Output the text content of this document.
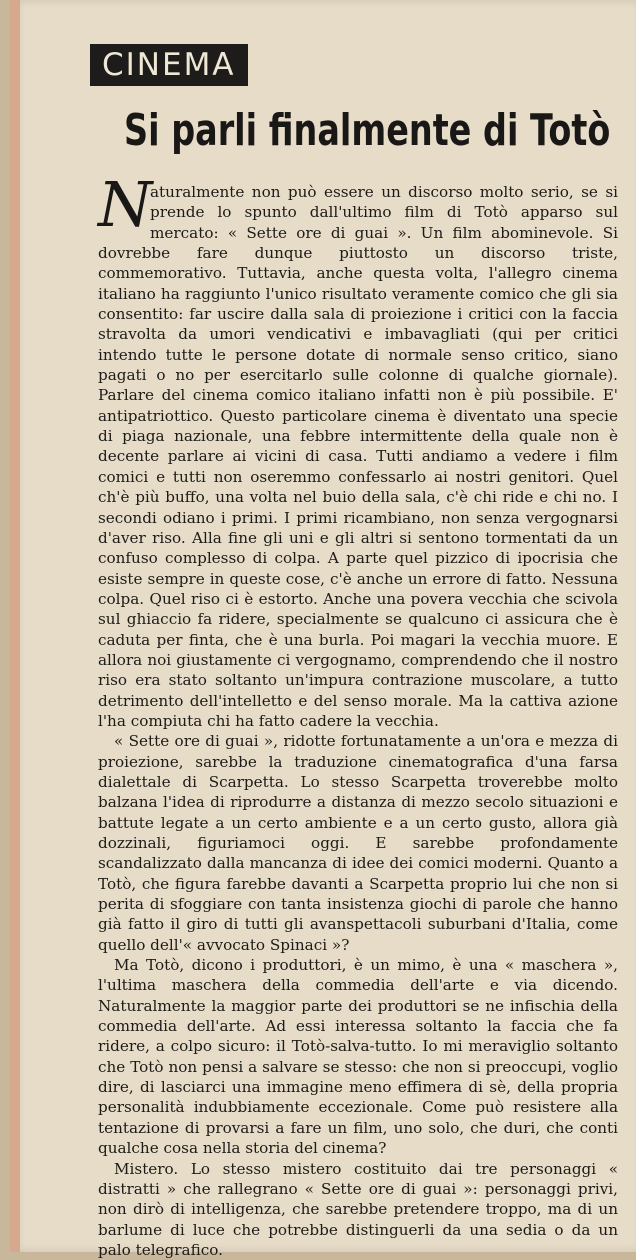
CINEMA
Si parli finalmente di Totò

N
aturalmente non può essere un discorso molto serio, se si prende lo spunto dall'ultimo film di Totò apparso sul mercato: « Sette ore di guai ». Un film abominevole. Si dovrebbe fare dunque piuttosto un discorso triste, commemorativo. Tuttavia, anche questa volta, l'allegro cinema italiano ha raggiunto l'unico risultato veramente comico che gli sia consentito: far uscire dalla sala di proiezione i critici con la faccia stravolta da umori vendicativi e imbavagliati (qui per critici intendo tutte le persone dotate di normale senso critico, siano pagati o no per esercitarlo sulle colonne di qualche giornale). Parlare del cinema comico italiano infatti non è più possibile. E' antipatriottico. Questo particolare cinema è diventato una specie di piaga nazionale, una febbre intermittente della quale non è decente parlare ai vicini di casa. Tutti andiamo a vedere i film comici e tutti non oseremmo confessarlo ai nostri genitori. Quel ch'è più buffo, una volta nel buio della sala, c'è chi ride e chi no. I secondi odiano i primi. I primi ricambiano, non senza vergognarsi d'aver riso. Alla fine gli uni e gli altri si sentono tormentati da un confuso complesso di colpa. A parte quel pizzico di ipocrisia che esiste sempre in queste cose, c'è anche un errore di fatto. Nessuna colpa. Quel riso ci è estorto. Anche una povera vecchia che scivola sul ghiaccio fa ridere, specialmente se qualcuno ci assicura che è caduta per finta, che è una burla. Poi magari la vecchia muore. E allora noi giustamente ci vergognamo, comprendendo che il nostro riso era stato soltanto un'impura contrazione muscolare, a tutto detrimento dell'intelletto e del senso morale. Ma la cattiva azione l'ha compiuta chi ha fatto cadere la vecchia.

« Sette ore di guai », ridotte fortunatamente a un'ora e mezza di proiezione, sarebbe la traduzione cinematografica d'una farsa dialettale di Scarpetta. Lo stesso Scarpetta troverebbe molto balzana l'idea di riprodurre a distanza di mezzo secolo situazioni e battute legate a un certo ambiente e a un certo gusto, allora già dozzinali, figuriamoci oggi. E sarebbe profondamente scandalizzato dalla mancanza di idee dei comici moderni. Quanto a Totò, che figura farebbe davanti a Scarpetta proprio lui che non si perita di sfoggiare con tanta insistenza giochi di parole che hanno già fatto il giro di tutti gli avanspettacoli suburbani d'Italia, come quello dell'« avvocato Spinaci »?

Ma Totò, dicono i produttori, è un mimo, è una « maschera », l'ultima maschera della commedia dell'arte e via dicendo. Naturalmente la maggior parte dei produttori se ne infischia della commedia dell'arte. Ad essi interessa soltanto la faccia che fa ridere, a colpo sicuro: il Totò-salva-tutto. Io mi meraviglio soltanto che Totò non pensi a salvare se stesso: che non si preoccupi, voglio dire, di lasciarci una immagine meno effimera di sè, della propria personalità indubbiamente eccezionale. Come può resistere alla tentazione di provarsi a fare un film, uno solo, che duri, che conti qualche cosa nella storia del cinema?

Mistero. Lo stesso mistero costituito dai tre personaggi « distratti » che rallegrano « Sette ore di guai »: personaggi privi, non dirò di intelligenza, che sarebbe pretendere troppo, ma di un barlume di luce che potrebbe distinguerli da una sedia o da un palo telegrafico.
